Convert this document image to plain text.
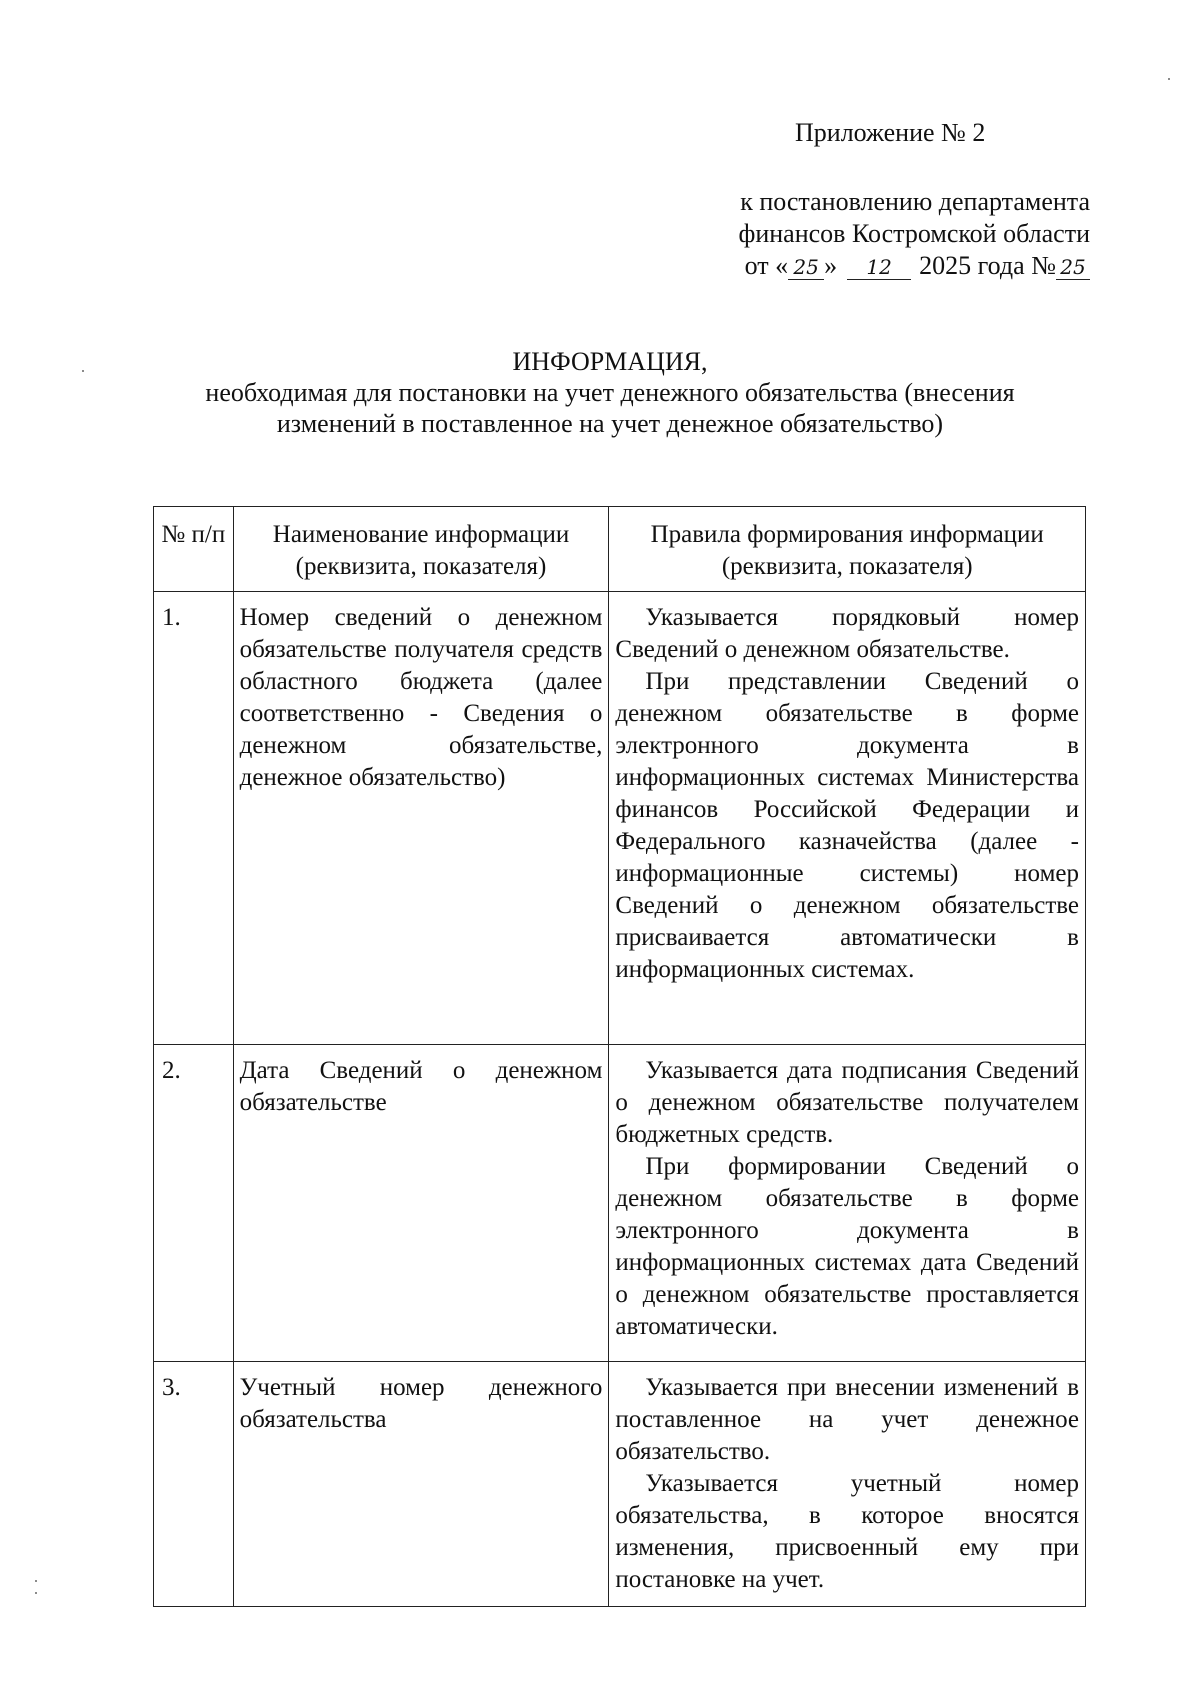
Приложение № 2
к постановлению департамента
финансов Костромской области
от « 25 » 12 2025 года № 25
ИНФОРМАЦИЯ,
необходимая для постановки на учет денежного обязательства (внесения
изменений в поставленное на учет денежное обязательство)
№ п/п	Наименование информации (реквизита, показателя)	Правила формирования информации (реквизита, показателя)
1.	Номер сведений о денежном обязательстве получателя средств областного бюджета (далее соответственно - Сведения о денежном обязательстве, денежное обязательство)	Указывается порядковый номер Сведений о денежном обязательстве.

При представлении Сведений о денежном обязательстве в форме электронного документа в информационных системах Министерства финансов Российской Федерации и Федерального казначейства (далее - информационные системы) номер Сведений о денежном обязательстве присваивается автоматически в информационных системах.

2.	Дата Сведений о денежном обязательстве	Указывается дата подписания Сведений о денежном обязательстве получателем бюджетных средств.

При формировании Сведений о денежном обязательстве в форме электронного документа в информационных системах дата Сведений о денежном обязательстве проставляется автоматически.

3.	Учетный номер денежного обязательства	Указывается при внесении изменений в поставленное на учет денежное обязательство.

Указывается учетный номер обязательства, в которое вносятся изменения, присвоенный ему при постановке на учет.
